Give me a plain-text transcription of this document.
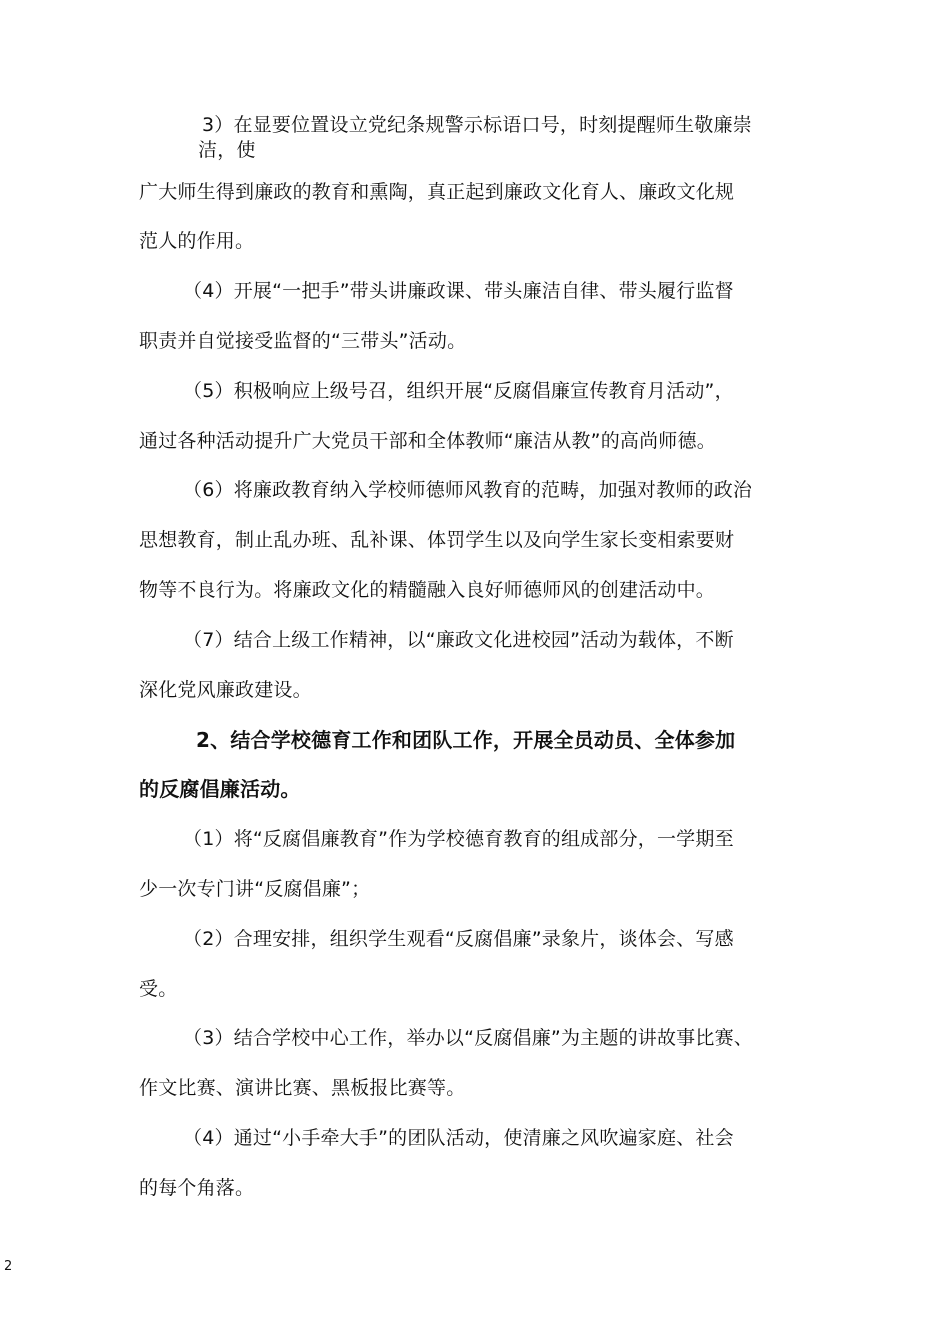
3）在显要位置设立党纪条规警示标语口号，时刻提醒师生敬廉崇
洁，使
广大师生得到廉政的教育和熏陶，真正起到廉政文化育人、廉政文化规
范人的作用。
（4）开展“一把手”带头讲廉政课、带头廉洁自律、带头履行监督
职责并自觉接受监督的“三带头”活动。
（5）积极响应上级号召，组织开展“反腐倡廉宣传教育月活动”，
通过各种活动提升广大党员干部和全体教师“廉洁从教”的高尚师德。
（6）将廉政教育纳入学校师德师风教育的范畴，加强对教师的政治
思想教育，制止乱办班、乱补课、体罚学生以及向学生家长变相索要财
物等不良行为。将廉政文化的精髓融入良好师德师风的创建活动中。
（7）结合上级工作精神，以“廉政文化进校园”活动为载体，不断
深化党风廉政建设。
2、结合学校德育工作和团队工作，开展全员动员、全体参加
的反腐倡廉活动。
（1）将“反腐倡廉教育”作为学校德育教育的组成部分，一学期至
少一次专门讲“反腐倡廉”；
（2）合理安排，组织学生观看“反腐倡廉”录象片，谈体会、写感
受。
（3）结合学校中心工作，举办以“反腐倡廉”为主题的讲故事比赛、
作文比赛、演讲比赛、黑板报比赛等。
（4）通过“小手牵大手”的团队活动，使清廉之风吹遍家庭、社会
的每个角落。
2
